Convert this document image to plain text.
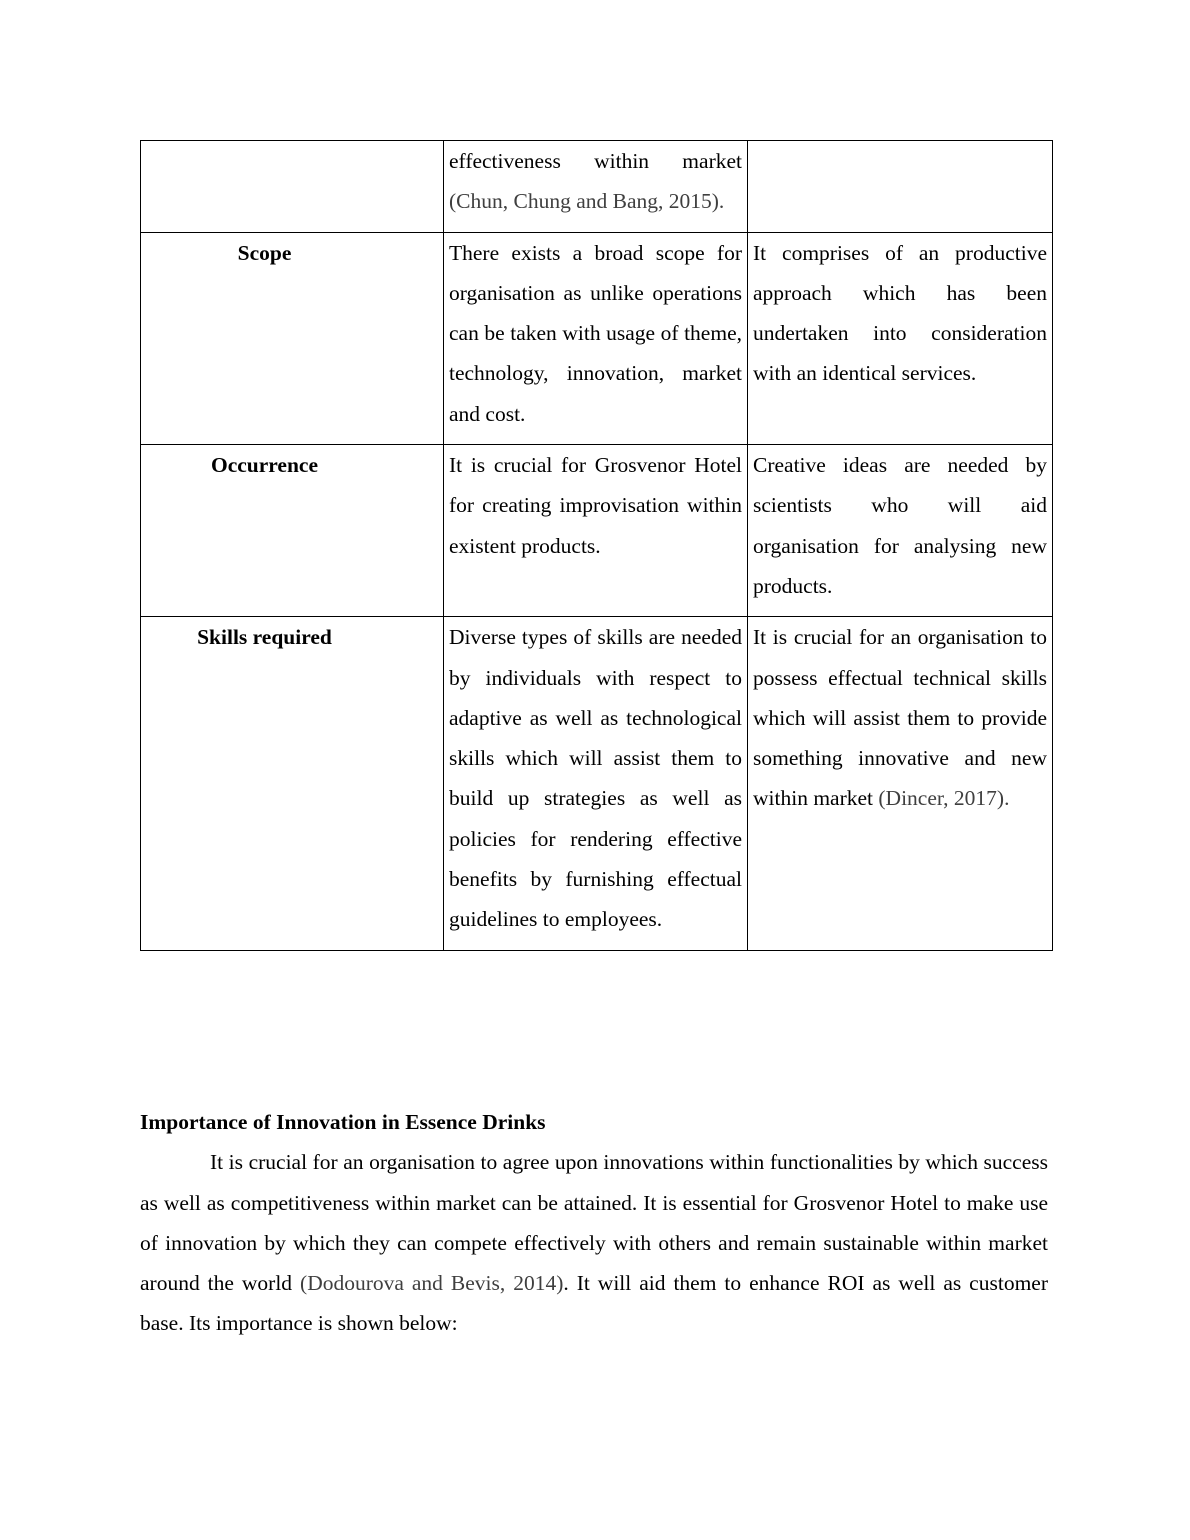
	effectiveness within market (Chun, Chung and Bang, 2015).	
Scope	There exists a broad scope for organisation as unlike operations can be taken with usage of theme, technology, innovation, market and cost.	It comprises of an productive approach which has been undertaken into consideration with an identical services.
Occurrence	It is crucial for Grosvenor Hotel for creating improvisation within existent products.	Creative ideas are needed by scientists who will aid organisation for analysing new products.
Skills required	Diverse types of skills are needed by individuals with respect to adaptive as well as technological skills which will assist them to build up strategies as well as policies for rendering effective benefits by furnishing effectual guidelines to employees.	It is crucial for an organisation to possess effectual technical skills which will assist them to provide something innovative and new within market (Dincer, 2017).

Importance of Innovation in Essence Drinks

It is crucial for an organisation to agree upon innovations within functionalities by which success as well as competitiveness within market can be attained. It is essential for Grosvenor Hotel to make use of innovation by which they can compete effectively with others and remain sustainable within market around the world (Dodourova and Bevis, 2014). It will aid them to enhance ROI as well as customer base. Its importance is shown below:
